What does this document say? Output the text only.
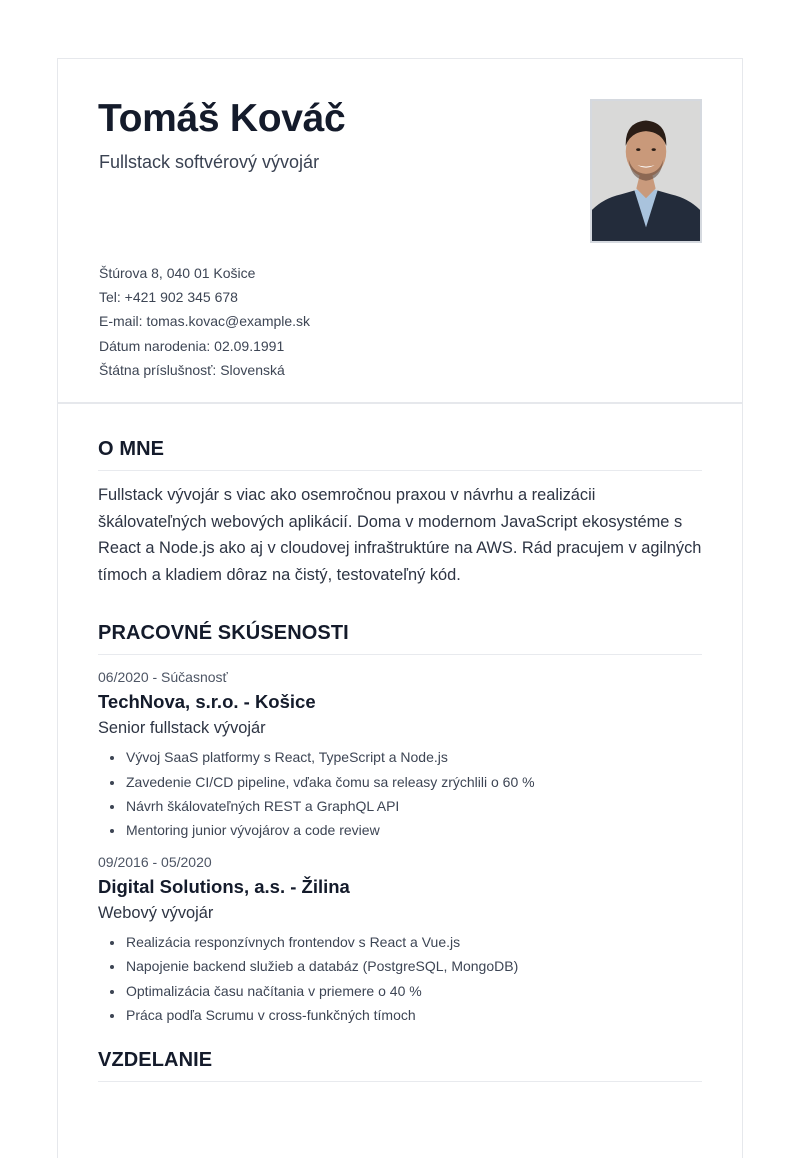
Tomáš Kováč
Fullstack softvérový vývojár
Štúrova 8, 040 01 Košice
Tel: +421 902 345 678
E-mail: tomas.kovac@example.sk
Dátum narodenia: 02.09.1991
Štátna príslušnosť: Slovenská
O MNE

Fullstack vývojár s viac ako osemročnou praxou v návrhu a realizácii škálovateľných webových aplikácií. Doma v modernom JavaScript ekosystéme s React a Node.js ako aj v cloudovej infraštruktúre na AWS. Rád pracujem v agilných tímoch a kladiem dôraz na čistý, testovateľný kód.

PRACOVNÉ SKÚSENOSTI
06/2020 - Súčasnosť
TechNova, s.r.o. - Košice
Senior fullstack vývojár
• Vývoj SaaS platformy s React, TypeScript a Node.js
• Zavedenie CI/CD pipeline, vďaka čomu sa releasy zrýchlili o 60 %
• Návrh škálovateľných REST a GraphQL API
• Mentoring junior vývojárov a code review
09/2016 - 05/2020
Digital Solutions, a.s. - Žilina
Webový vývojár
• Realizácia responzívnych frontendov s React a Vue.js
• Napojenie backend služieb a databáz (PostgreSQL, MongoDB)
• Optimalizácia času načítania v priemere o 40 %
• Práca podľa Scrumu v cross-funkčných tímoch
VZDELANIE
